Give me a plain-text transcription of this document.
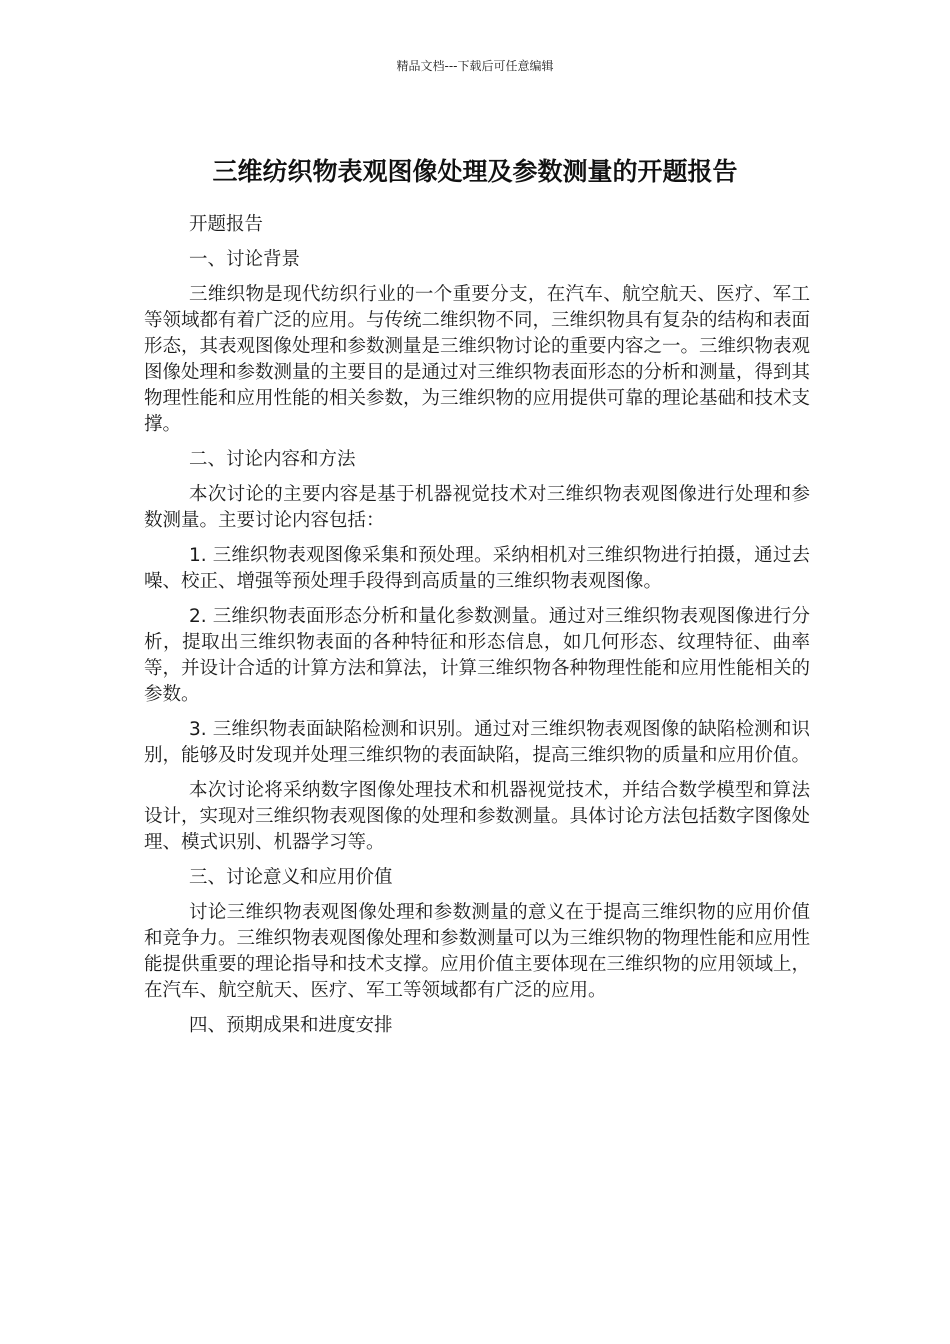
精品文档---下载后可任意编辑
三维纺织物表观图像处理及参数测量的开题报告

开题报告

一、讨论背景

三维织物是现代纺织行业的一个重要分支，在汽车、航空航天、医疗、军工等领域都有着广泛的应用。与传统二维织物不同，三维织物具有复杂的结构和表面形态，其表观图像处理和参数测量是三维织物讨论的重要内容之一。三维织物表观图像处理和参数测量的主要目的是通过对三维织物表面形态的分析和测量，得到其物理性能和应用性能的相关参数，为三维织物的应用提供可靠的理论基础和技术支撑。

二、讨论内容和方法

本次讨论的主要内容是基于机器视觉技术对三维织物表观图像进行处理和参数测量。主要讨论内容包括：

1. 三维织物表观图像采集和预处理。采纳相机对三维织物进行拍摄，通过去噪、校正、增强等预处理手段得到高质量的三维织物表观图像。

2. 三维织物表面形态分析和量化参数测量。通过对三维织物表观图像进行分析，提取出三维织物表面的各种特征和形态信息，如几何形态、纹理特征、曲率等，并设计合适的计算方法和算法，计算三维织物各种物理性能和应用性能相关的参数。

3. 三维织物表面缺陷检测和识别。通过对三维织物表观图像的缺陷检测和识别，能够及时发现并处理三维织物的表面缺陷，提高三维织物的质量和应用价值。

本次讨论将采纳数字图像处理技术和机器视觉技术，并结合数学模型和算法设计，实现对三维织物表观图像的处理和参数测量。具体讨论方法包括数字图像处理、模式识别、机器学习等。

三、讨论意义和应用价值

讨论三维织物表观图像处理和参数测量的意义在于提高三维织物的应用价值和竞争力。三维织物表观图像处理和参数测量可以为三维织物的物理性能和应用性能提供重要的理论指导和技术支撑。应用价值主要体现在三维织物的应用领域上，在汽车、航空航天、医疗、军工等领域都有广泛的应用。

四、预期成果和进度安排
